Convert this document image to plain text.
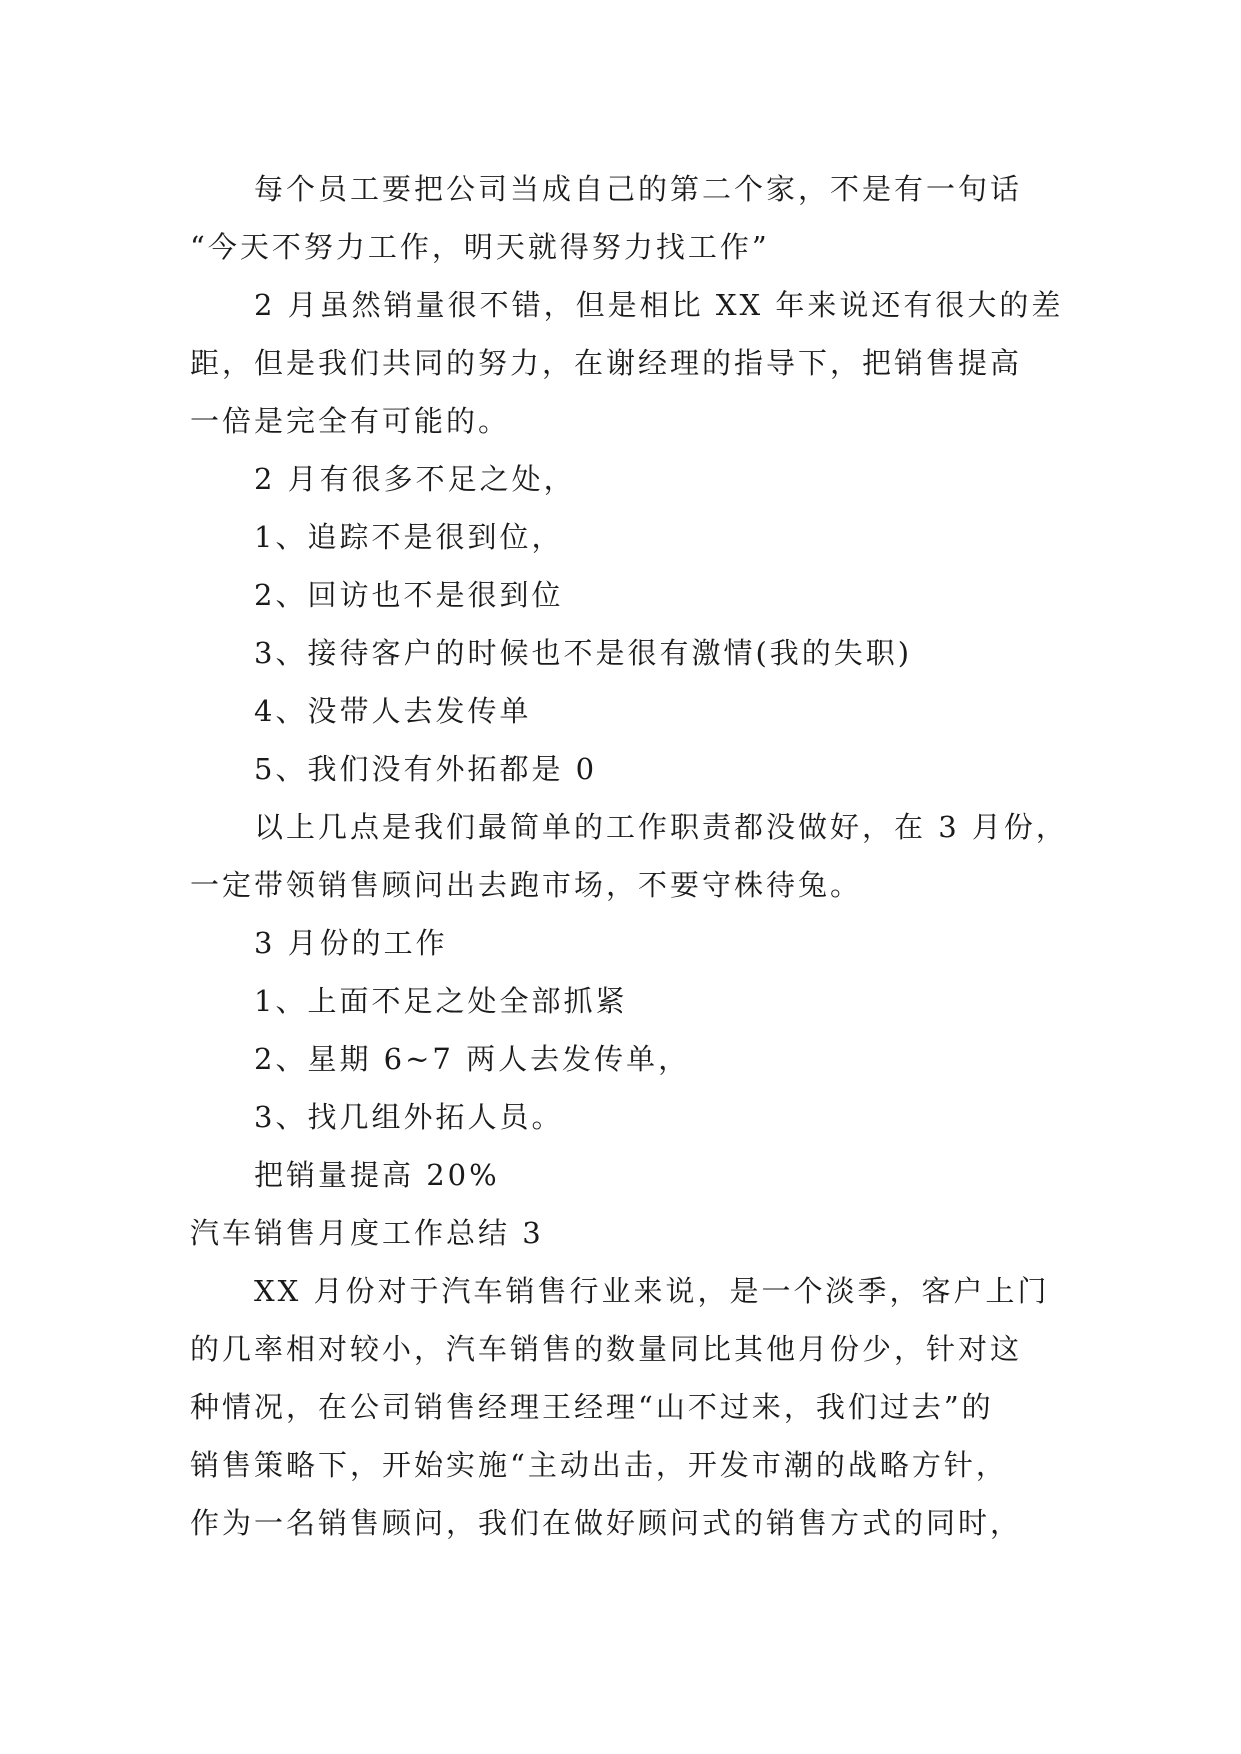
每个员工要把公司当成自己的第二个家，不是有一句话
“今天不努力工作，明天就得努力找工作”
2 月虽然销量很不错，但是相比 XX 年来说还有很大的差
距，但是我们共同的努力，在谢经理的指导下，把销售提高
一倍是完全有可能的。
2 月有很多不足之处，
1、追踪不是很到位，
2、回访也不是很到位
3、接待客户的时候也不是很有激情(我的失职)
4、没带人去发传单
5、我们没有外拓都是 0
以上几点是我们最简单的工作职责都没做好，在 3 月份，
一定带领销售顾问出去跑市场，不要守株待兔。
3 月份的工作
1、上面不足之处全部抓紧
2、星期 6~7 两人去发传单，
3、找几组外拓人员。
把销量提高 20%
汽车销售月度工作总结 3
XX 月份对于汽车销售行业来说，是一个淡季，客户上门
的几率相对较小，汽车销售的数量同比其他月份少，针对这
种情况，在公司销售经理王经理“山不过来，我们过去”的
销售策略下，开始实施“主动出击，开发市潮的战略方针，
作为一名销售顾问，我们在做好顾问式的销售方式的同时，
